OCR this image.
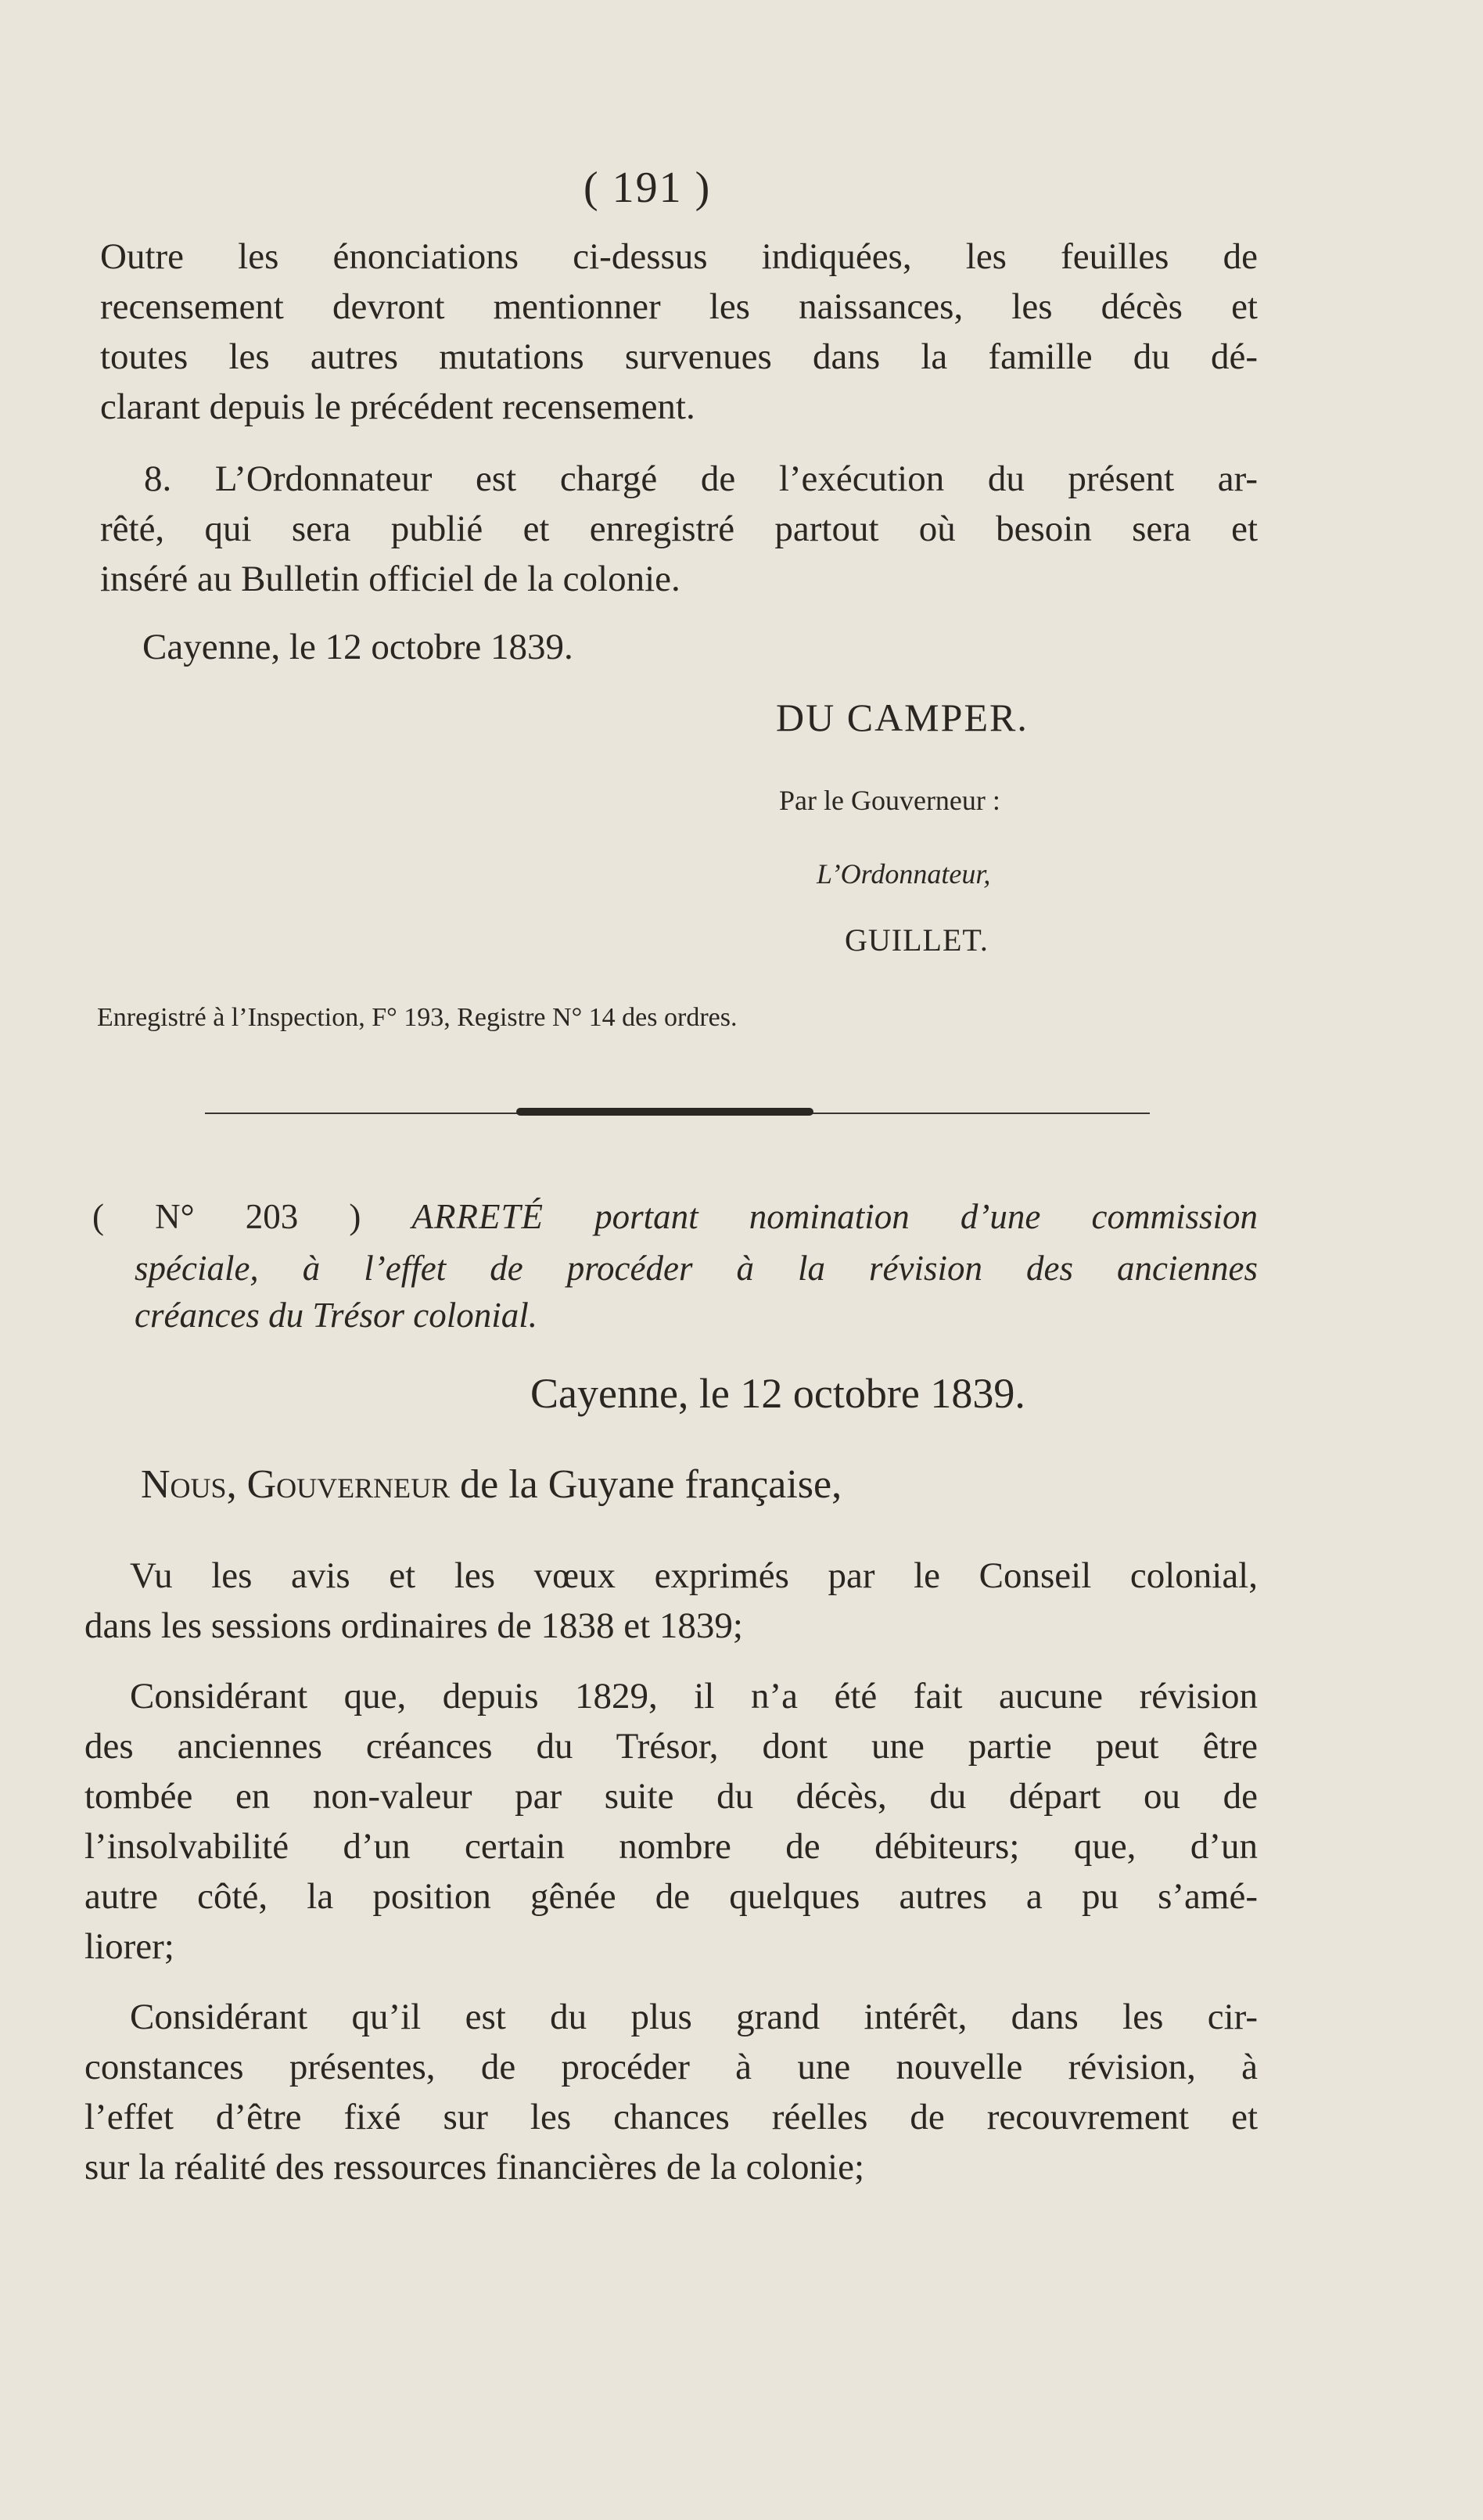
( 191 )
Outre les énonciations ci-dessus indiquées, les feuilles de
recensement devront mentionner les naissances, les décès et
toutes les autres mutations survenues dans la famille du dé-
clarant depuis le précédent recensement.
8. L’Ordonnateur est chargé de l’exécution du présent ar-
rêté, qui sera publié et enregistré partout où besoin sera et
inséré au Bulletin officiel de la colonie.
Cayenne, le 12 octobre 1839.
DU CAMPER.
Par le Gouverneur :
L’Ordonnateur,
GUILLET.
Enregistré à l’Inspection, F° 193, Registre N° 14 des ordres.
( N° 203 ) ARRETÉ portant nomination d’une commission
spéciale, à l’effet de procéder à la révision des anciennes
créances du Trésor colonial.
Cayenne, le 12 octobre 1839.
Nous, Gouverneur de la Guyane française,
Vu les avis et les vœux exprimés par le Conseil colonial,
dans les sessions ordinaires de 1838 et 1839;
Considérant que, depuis 1829, il n’a été fait aucune révision
des anciennes créances du Trésor, dont une partie peut être
tombée en non-valeur par suite du décès, du départ ou de
l’insolvabilité d’un certain nombre de débiteurs; que, d’un
autre côté, la position gênée de quelques autres a pu s’amé-
liorer;
Considérant qu’il est du plus grand intérêt, dans les cir-
constances présentes, de procéder à une nouvelle révision, à
l’effet d’être fixé sur les chances réelles de recouvrement et
sur la réalité des ressources financières de la colonie;
